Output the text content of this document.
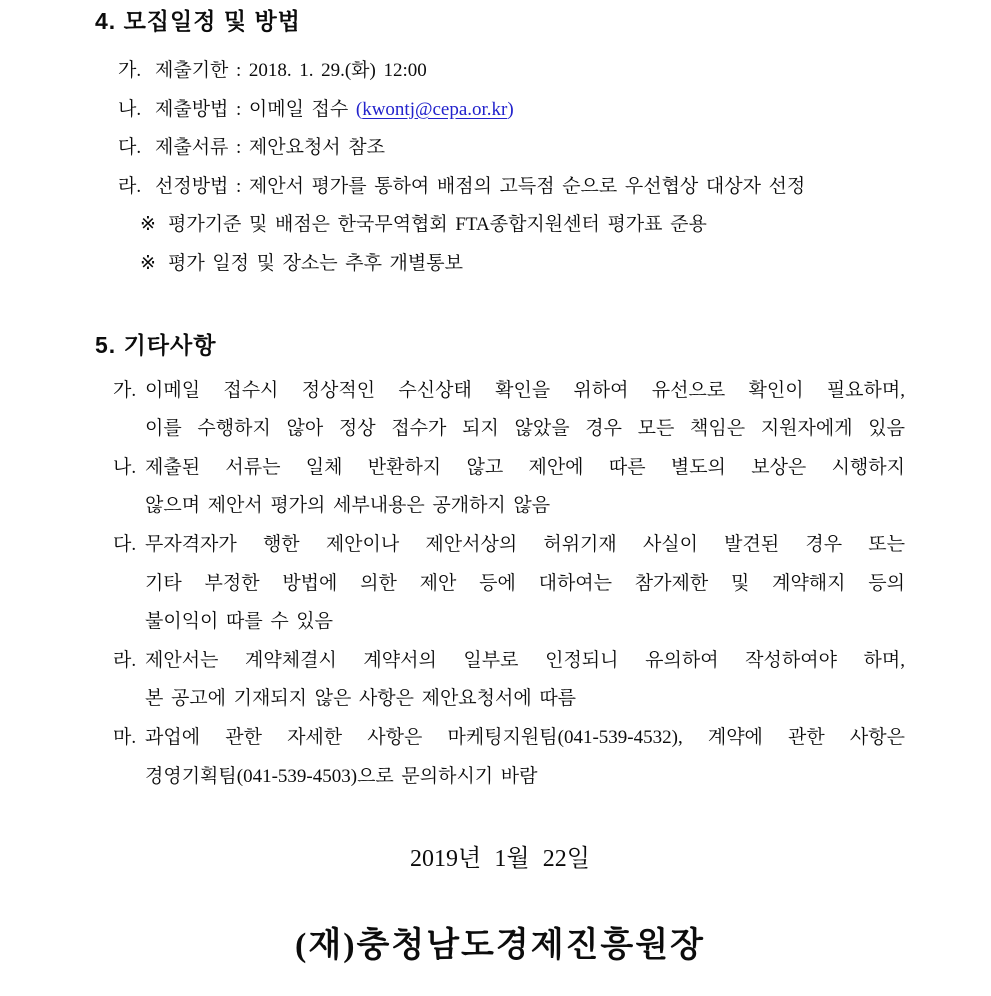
4. 모집일정 및 방법
가. 제출기한 : 2018. 1. 29.(화) 12:00
나. 제출방법 : 이메일 접수 (kwontj@cepa.or.kr)
다. 제출서류 : 제안요청서 참조
라. 선정방법 : 제안서 평가를 통하여 배점의 고득점 순으로 우선협상 대상자 선정
※ 평가기준 및 배점은 한국무역협회 FTA종합지원센터 평가표 준용
※ 평가 일정 및 장소는 추후 개별통보
5. 기타사항
가. 이메일 접수시 정상적인 수신상태 확인을 위하여 유선으로 확인이 필요하며,
이를 수행하지 않아 정상 접수가 되지 않았을 경우 모든 책임은 지원자에게 있음
나. 제출된 서류는 일체 반환하지 않고 제안에 따른 별도의 보상은 시행하지
않으며 제안서 평가의 세부내용은 공개하지 않음
다. 무자격자가 행한 제안이나 제안서상의 허위기재 사실이 발견된 경우 또는
기타 부정한 방법에 의한 제안 등에 대하여는 참가제한 및 계약해지 등의
불이익이 따를 수 있음
라. 제안서는 계약체결시 계약서의 일부로 인정되니 유의하여 작성하여야 하며,
본 공고에 기재되지 않은 사항은 제안요청서에 따름
마. 과업에 관한 자세한 사항은 마케팅지원팀(041-539-4532), 계약에 관한 사항은
경영기획팀(041-539-4503)으로 문의하시기 바람
2019년 1월 22일
(재)충청남도경제진흥원장
